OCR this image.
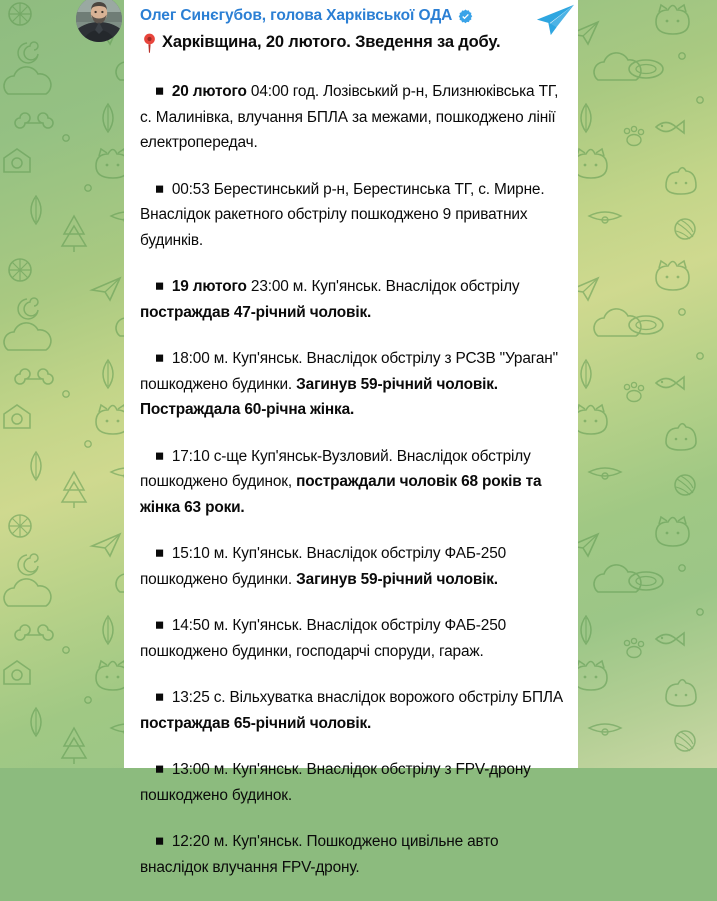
Олег Синєгубов, голова Харківської ОДА
Харківщина, 20 лютого. Зведення за добу.

◼  20 лютого 04:00 год. Лозівський р-н, Близнюківська ТГ, с. Малинівка, влучання БПЛА за межами, пошкоджено лінії електропередач.

◼  00:53 Берестинський р-н, Берестинська ТГ, с. Мирне. Внаслідок ракетного обстрілу пошкоджено 9 приватних будинків.

◼  19 лютого 23:00 м. Куп'янськ. Внаслідок обстрілу постраждав 47-річний чоловік.

◼  18:00 м. Куп'янськ. Внаслідок обстрілу з РСЗВ "Ураган" пошкоджено будинки. Загинув 59-річний чоловік. Постраждала 60-річна жінка.

◼  17:10 с-ще Куп'янськ-Вузловий. Внаслідок обстрілу пошкоджено будинок, постраждали чоловік 68 років та жінка 63 роки.

◼  15:10 м. Куп'янськ. Внаслідок обстрілу ФАБ-250 пошкоджено будинки. Загинув 59-річний чоловік.

◼  14:50 м. Куп'янськ. Внаслідок обстрілу ФАБ-250 пошкоджено будинки, господарчі споруди, гараж.

◼  13:25 с. Вільхуватка внаслідок ворожого обстрілу БПЛА постраждав 65-річний чоловік.

◼  13:00 м. Куп'янськ. Внаслідок обстрілу з FPV-дрону пошкоджено будинок.

◼  12:20 м. Куп'янськ. Пошкоджено цивільне авто внаслідок влучання FPV-дрону.
